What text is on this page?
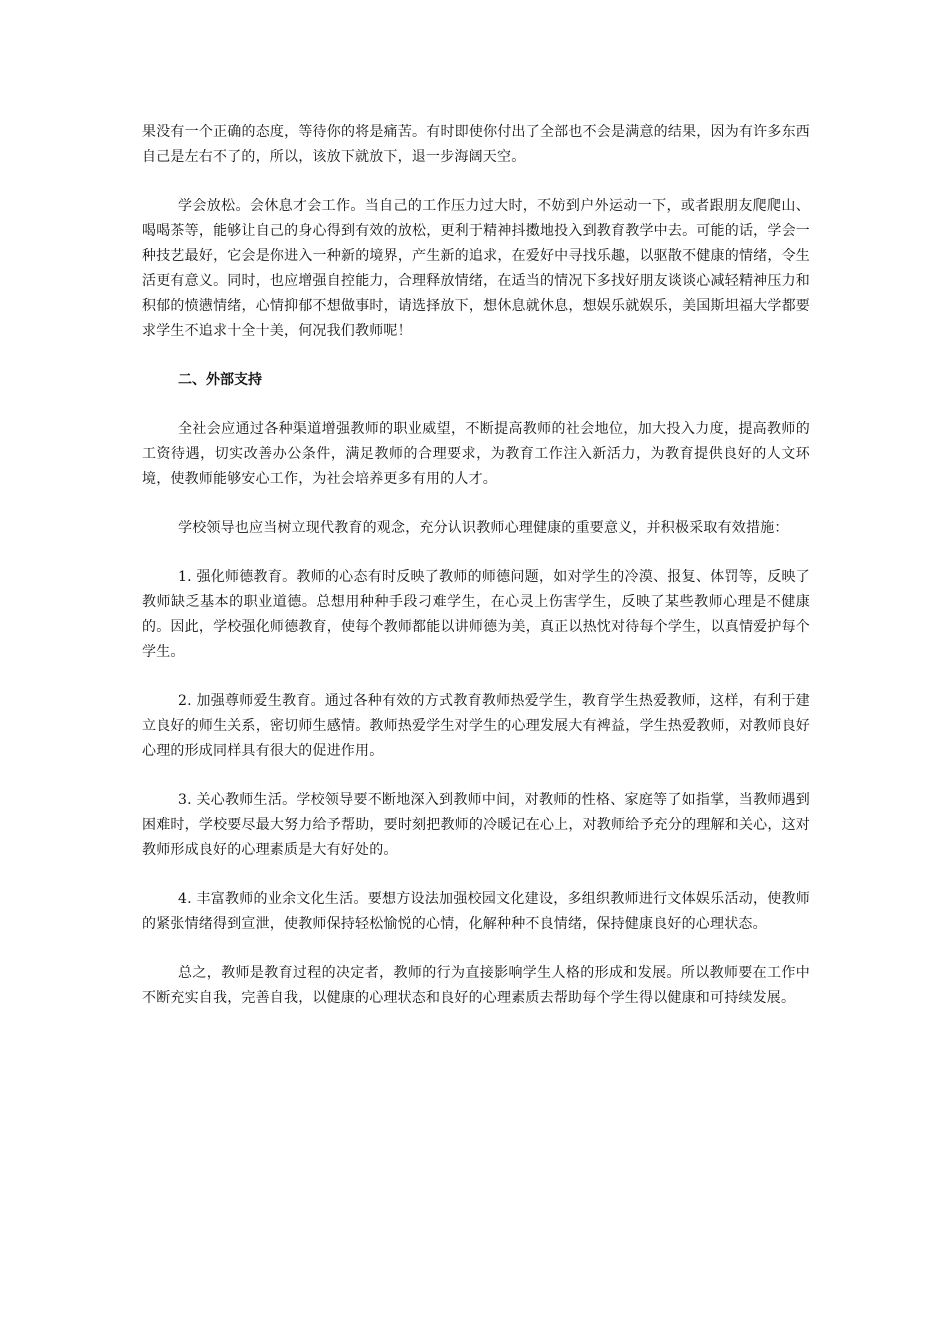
果没有一个正确的态度，等待你的将是痛苦。有时即使你付出了全部也不会是满意的结果，因为有许多东西自己是左右不了的，所以，该放下就放下，退一步海阔天空。

学会放松。会休息才会工作。当自己的工作压力过大时，不妨到户外运动一下，或者跟朋友爬爬山、喝喝茶等，能够让自己的身心得到有效的放松，更利于精神抖擞地投入到教育教学中去。可能的话，学会一种技艺最好，它会是你进入一种新的境界，产生新的追求，在爱好中寻找乐趣，以驱散不健康的情绪，令生活更有意义。同时，也应增强自控能力，合理释放情绪，在适当的情况下多找好朋友谈谈心减轻精神压力和积郁的愤懑情绪，心情抑郁不想做事时，请选择放下，想休息就休息，想娱乐就娱乐，美国斯坦福大学都要求学生不追求十全十美，何况我们教师呢！

二、外部支持

全社会应通过各种渠道增强教师的职业威望，不断提高教师的社会地位，加大投入力度，提高教师的工资待遇，切实改善办公条件，满足教师的合理要求，为教育工作注入新活力，为教育提供良好的人文环境，使教师能够安心工作，为社会培养更多有用的人才。

学校领导也应当树立现代教育的观念，充分认识教师心理健康的重要意义，并积极采取有效措施：

1. 强化师德教育。教师的心态有时反映了教师的师德问题，如对学生的冷漠、报复、体罚等，反映了教师缺乏基本的职业道德。总想用种种手段刁难学生，在心灵上伤害学生，反映了某些教师心理是不健康的。因此，学校强化师德教育，使每个教师都能以讲师德为美，真正以热忱对待每个学生，以真情爱护每个学生。

2. 加强尊师爱生教育。通过各种有效的方式教育教师热爱学生，教育学生热爱教师，这样，有利于建立良好的师生关系，密切师生感情。教师热爱学生对学生的心理发展大有裨益，学生热爱教师，对教师良好心理的形成同样具有很大的促进作用。

3. 关心教师生活。学校领导要不断地深入到教师中间，对教师的性格、家庭等了如指掌，当教师遇到困难时，学校要尽最大努力给予帮助，要时刻把教师的冷暖记在心上，对教师给予充分的理解和关心，这对教师形成良好的心理素质是大有好处的。

4. 丰富教师的业余文化生活。要想方设法加强校园文化建设，多组织教师进行文体娱乐活动，使教师的紧张情绪得到宣泄，使教师保持轻松愉悦的心情，化解种种不良情绪，保持健康良好的心理状态。

总之，教师是教育过程的决定者，教师的行为直接影响学生人格的形成和发展。所以教师要在工作中不断充实自我，完善自我，以健康的心理状态和良好的心理素质去帮助每个学生得以健康和可持续发展。
